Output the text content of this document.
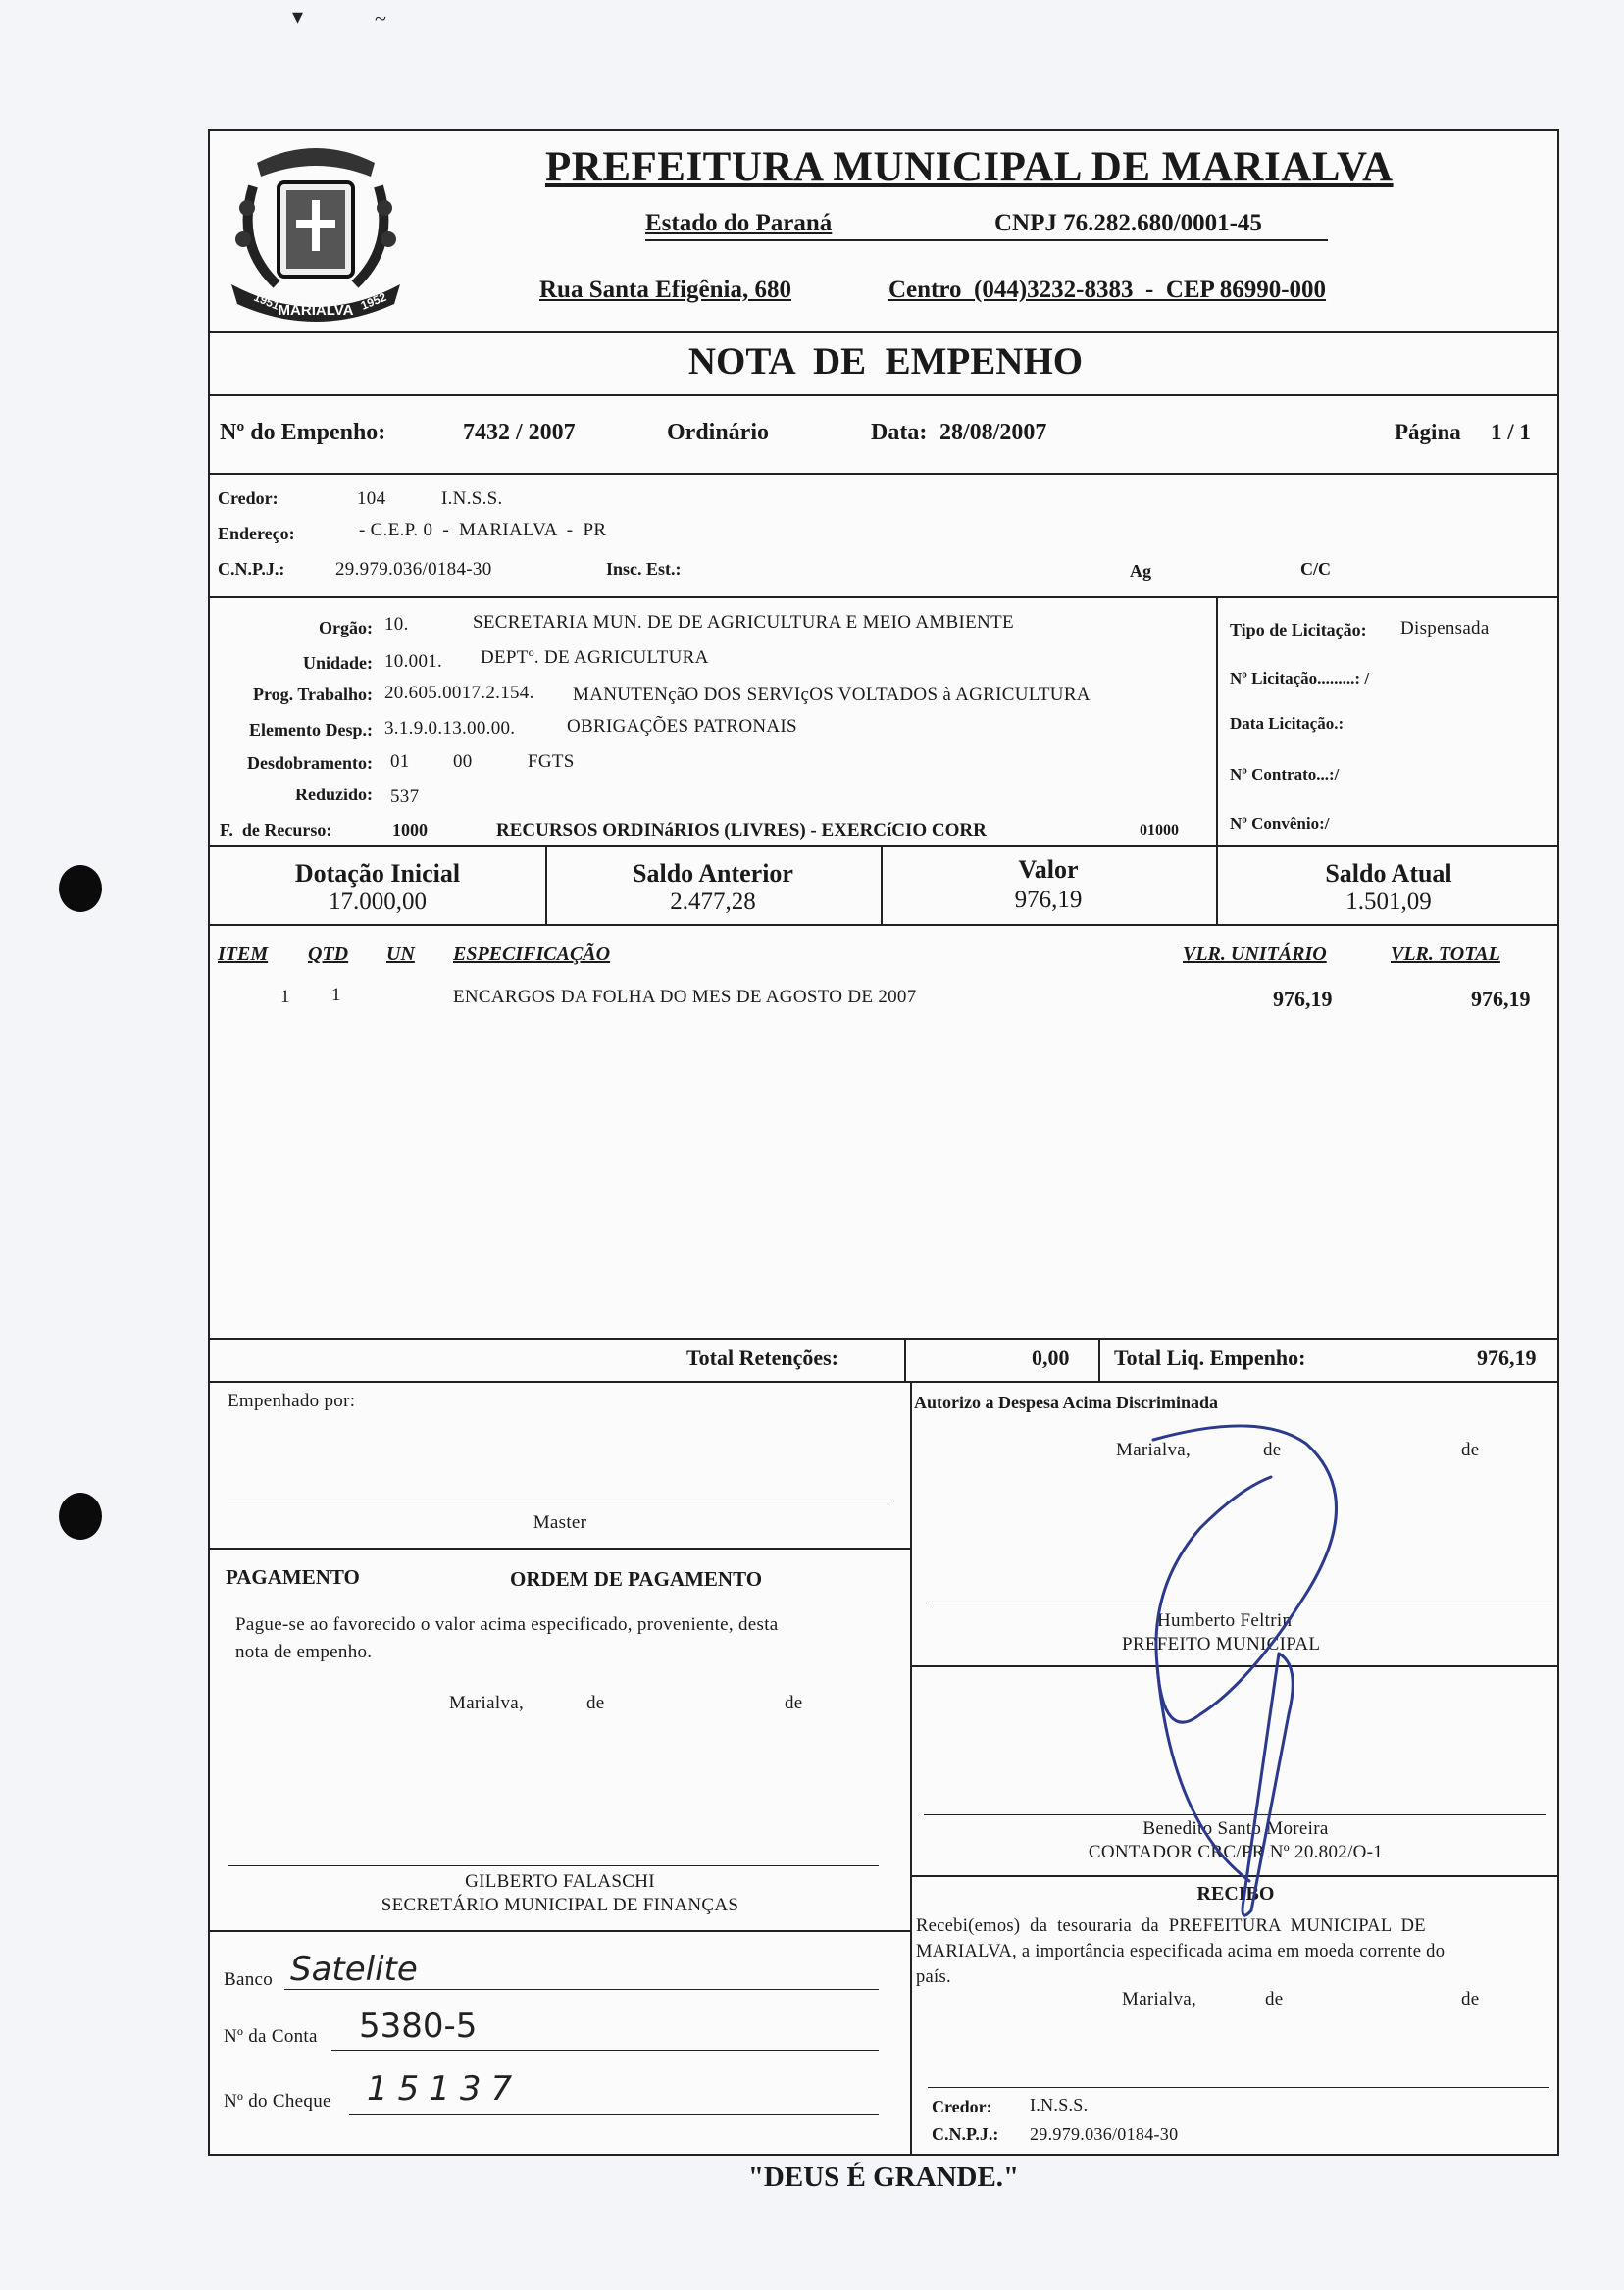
▾	~
MARIALVA
1951	1952
PREFEITURA MUNICIPAL DE MARIALVA
Estado do Paraná	CNPJ 76.282.680/0001-45
Rua Santa Efigênia, 680	Centro  (044)3232-8383  -  CEP 86990-000
NOTA  DE  EMPENHO
Nº do Empenho:	7432 / 2007	Ordinário	Data: 28/08/2007	Página 1 / 1
Credor:	104	I.N.S.S.
Endereço:	- C.E.P. 0  -  MARIALVA  -  PR
C.N.P.J.:	29.979.036/0184-30	Insc. Est.:	Ag	C/C
Orgão: 10.	SECRETARIA MUN. DE DE AGRICULTURA E MEIO AMBIENTE
Unidade: 10.001. DEPTº. DE AGRICULTURA
Prog. Trabalho: 20.605.0017.2.154. MANUTENçãO DOS SERVIçOS VOLTADOS à AGRICULTURA
Elemento Desp.: 3.1.9.0.13.00.00.	OBRIGAÇÕES PATRONAIS
Desdobramento: 01 00	FGTS
Reduzido: 537
F.  de Recurso:	1000	RECURSOS ORDINáRIOS (LIVRES) - EXERCíCIO CORR	01000
Tipo de Licitação: Dispensada
Nº Licitação.........: /
Data Licitação.:
Nº Contrato...:/
Nº Convênio:/
Dotação Inicial
17.000,00
Saldo Anterior
2.477,28
Valor
976,19
Saldo Atual
1.501,09
ITEM QTD UN ESPECIFICAÇÃO	VLR. UNITÁRIO	VLR. TOTAL
1 1	ENCARGOS DA FOLHA DO MES DE AGOSTO DE 2007	976,19	976,19
Total Retenções:	0,00 Total Liq. Empenho:	976,19
Empenhado por:
Master
PAGAMENTO	ORDEM DE PAGAMENTO
Pague-se ao favorecido o valor acima especificado, proveniente, desta
nota de empenho.
Marialva,	de	de
GILBERTO FALASCHI
SECRETÁRIO MUNICIPAL DE FINANÇAS
Banco Satelite
Nº da Conta 5380-5
Nº do Cheque 15137
Autorizo a Despesa Acima Discriminada
Marialva,	de	de
Humberto Feltrin
PREFEITO MUNICIPAL
Benedito Santo Moreira
CONTADOR CRC/PR Nº 20.802/O-1
RECIBO
Recebi(emos)  da  tesouraria  da  PREFEITURA  MUNICIPAL  DE
MARIALVA, a importância especificada acima em moeda corrente do
país.
Marialva,	de	de
Credor: I.N.S.S.
C.N.P.J.: 29.979.036/0184-30
"DEUS É GRANDE."
